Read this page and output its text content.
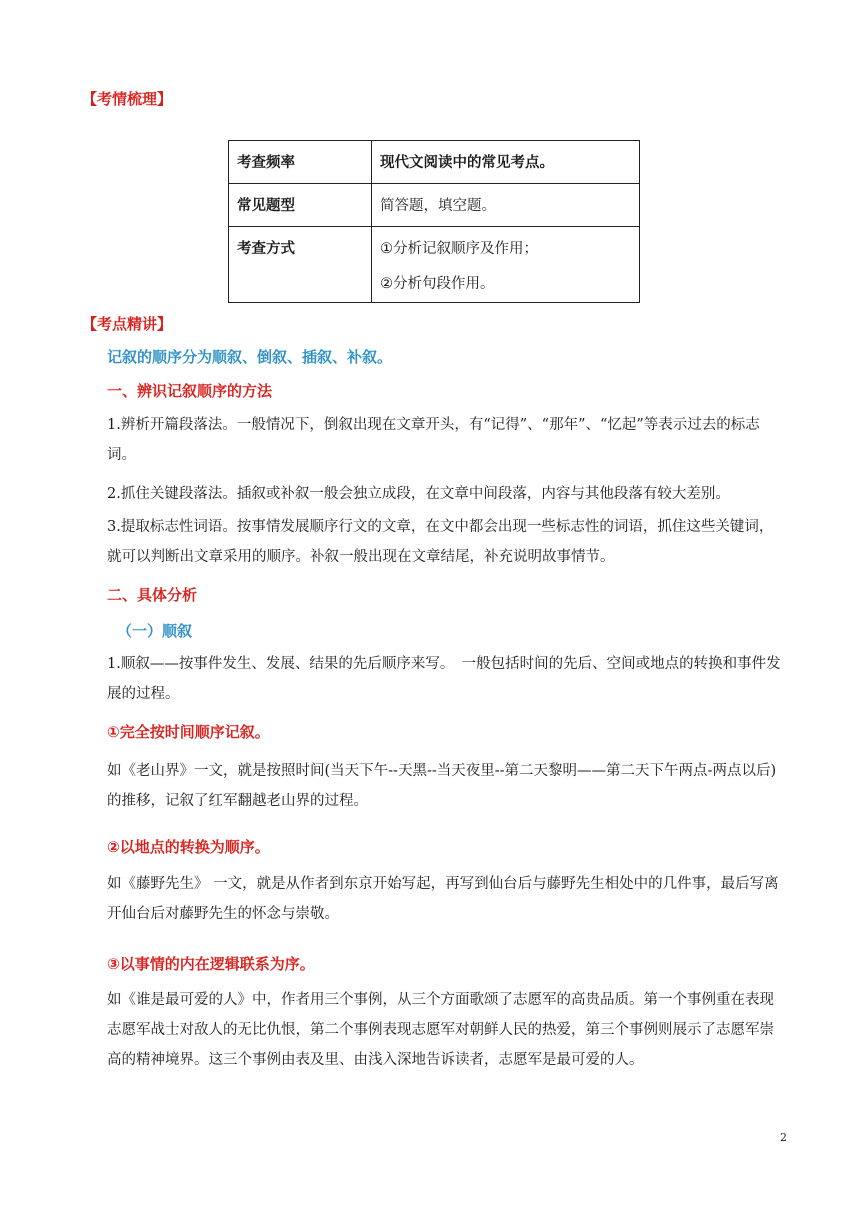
【考情梳理】
考查频率	现代文阅读中的常见考点。
常见题型	简答题，填空题。
考查方式	①分析记叙顺序及作用；
②分析句段作用。
【考点精讲】
记叙的顺序分为顺叙、倒叙、插叙、补叙。
一、辨识记叙顺序的方法
1.辨析开篇段落法。一般情况下，倒叙出现在文章开头，有“记得”、“那年”、“忆起”等表示过去的标志词。
2.抓住关键段落法。插叙或补叙一般会独立成段，在文章中间段落，内容与其他段落有较大差别。
3.提取标志性词语。按事情发展顺序行文的文章，在文中都会出现一些标志性的词语，抓住这些关键词，就可以判断出文章采用的顺序。补叙一般出现在文章结尾，补充说明故事情节。
二、具体分析
（一）顺叙
1.顺叙——按事件发生、发展、结果的先后顺序来写。　一般包括时间的先后、空间或地点的转换和事件发展的过程。
①完全按时间顺序记叙。
如《老山界》一文，就是按照时间(当天下午--天黑--当天夜里--第二天黎明——第二天下午两点-两点以后)的推移，记叙了红军翻越老山界的过程。
②以地点的转换为顺序。
如《藤野先生》 一文，就是从作者到东京开始写起，再写到仙台后与藤野先生相处中的几件事，最后写离开仙台后对藤野先生的怀念与崇敬。
③以事情的内在逻辑联系为序。
如《谁是最可爱的人》中，作者用三个事例，从三个方面歌颂了志愿军的高贵品质。第一个事例重在表现志愿军战士对敌人的无比仇恨，第二个事例表现志愿军对朝鲜人民的热爱，第三个事例则展示了志愿军崇高的精神境界。这三个事例由表及里、由浅入深地告诉读者，志愿军是最可爱的人。
2
